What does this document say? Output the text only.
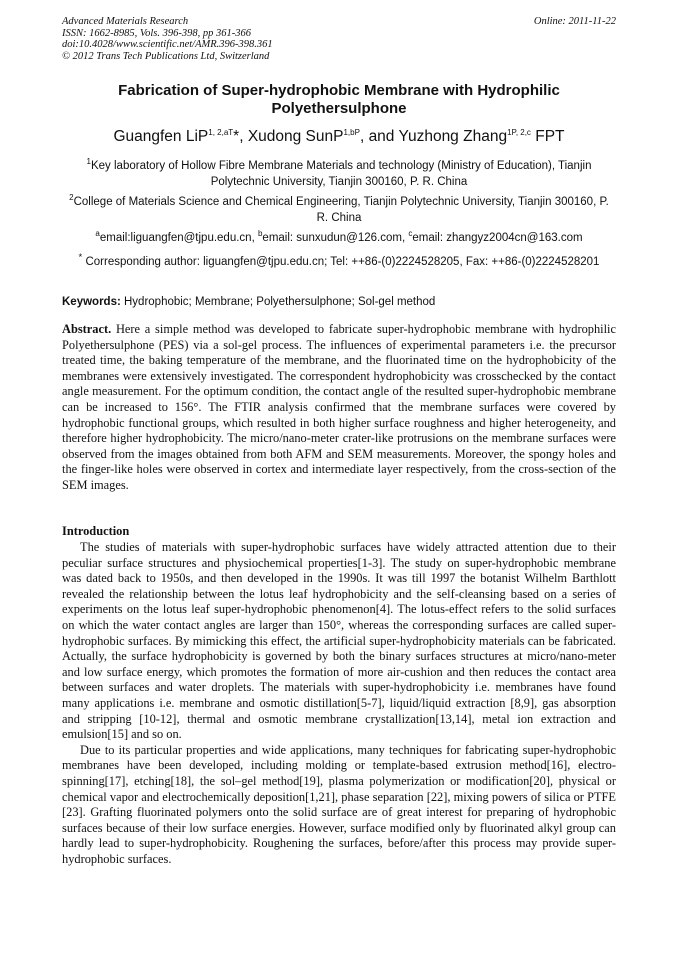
Advanced Materials Research
ISSN: 1662-8985, Vols. 396-398, pp 361-366
doi:10.4028/www.scientific.net/AMR.396-398.361
© 2012 Trans Tech Publications Ltd, Switzerland
Online: 2011-11-22
Fabrication of Super-hydrophobic Membrane with Hydrophilic Polyethersulphone
Guangfen LiP$^{1, 2,aT}$*, Xudong SunP$^{1,bP}$, and Yuzhong Zhang$^{1P, 2,c}$ FPT
$^1$Key laboratory of Hollow Fibre Membrane Materials and technology (Ministry of Education), Tianjin Polytechnic University, Tianjin 300160, P. R. China
$^2$College of Materials Science and Chemical Engineering, Tianjin Polytechnic University, Tianjin 300160, P. R. China
$^a$email:liguangfen@tjpu.edu.cn, $^b$email: sunxudun@126.com, $^c$email: zhangyz2004cn@163.com
* Corresponding author: liguangfen@tjpu.edu.cn; Tel: ++86-(0)2224528205, Fax: ++86-(0)2224528201
Keywords: Hydrophobic; Membrane; Polyethersulphone; Sol-gel method
Abstract. Here a simple method was developed to fabricate super-hydrophobic membrane with hydrophilic Polyethersulphone (PES) via a sol-gel process. The influences of experimental parameters i.e. the precursor treated time, the baking temperature of the membrane, and the fluorinated time on the hydrophobicity of the membranes were extensively investigated. The correspondent hydrophobicity was crosschecked by the contact angle measurement. For the optimum condition, the contact angle of the resulted super-hydrophobic membrane can be increased to 156°. The FTIR analysis confirmed that the membrane surfaces were covered by hydrophobic functional groups, which resulted in both higher surface roughness and higher heterogeneity, and therefore higher hydrophobicity. The micro/nano-meter crater-like protrusions on the membrane surfaces were observed from the images obtained from both AFM and SEM measurements. Moreover, the spongy holes and the finger-like holes were observed in cortex and intermediate layer respectively, from the cross-section of the SEM images.
Introduction

The studies of materials with super-hydrophobic surfaces have widely attracted attention due to their peculiar surface structures and physiochemical properties[1-3]. The study on super-hydrophobic membrane was dated back to 1950s, and then developed in the 1990s. It was till 1997 the botanist Wilhelm Barthlott revealed the relationship between the lotus leaf hydrophobicity and the self-cleansing based on a series of experiments on the lotus leaf super-hydrophobic phenomenon[4]. The lotus-effect refers to the solid surfaces on which the water contact angles are larger than 150°, whereas the corresponding surfaces are called super-hydrophobic surfaces. By mimicking this effect, the artificial super-hydrophobicity materials can be fabricated. Actually, the surface hydrophobicity is governed by both the binary surfaces structures at micro/nano-meter and low surface energy, which promotes the formation of more air-cushion and then reduces the contact area between surfaces and water droplets. The materials with super-hydrophobicity i.e. membranes have found many applications i.e. membrane and osmotic distillation[5-7], liquid/liquid extraction [8,9], gas absorption and stripping [10-12], thermal and osmotic membrane crystallization[13,14], metal ion extraction and emulsion[15] and so on.

Due to its particular properties and wide applications, many techniques for fabricating super-hydrophobic membranes have been developed, including molding or template-based extrusion method[16], electro-spinning[17], etching[18], the sol–gel method[19], plasma polymerization or modification[20], physical or chemical vapor and electrochemically deposition[1,21], phase separation [22], mixing powers of silica or PTFE [23]. Grafting fluorinated polymers onto the solid surface are of great interest for preparing of hydrophobic surfaces because of their low surface energies. However, surface modified only by fluorinated alkyl group can hardly lead to super-hydrophobicity. Roughening the surfaces, before/after this process may provide super-hydrophobic surfaces.
